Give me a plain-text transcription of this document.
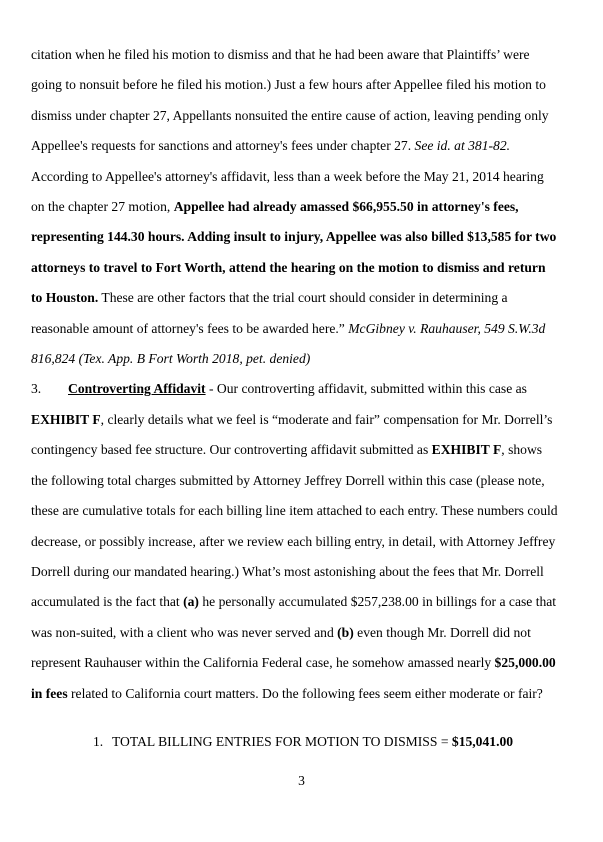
citation when he filed his motion to dismiss and that he had been aware that Plaintiffs’ were
going to nonsuit before he filed his motion.) Just a few hours after Appellee filed his motion to
dismiss under chapter 27, Appellants nonsuited the entire cause of action, leaving pending only
Appellee's requests for sanctions and attorney's fees under chapter 27. See id. at 381-82.
According to Appellee's attorney's affidavit, less than a week before the May 21, 2014 hearing
on the chapter 27 motion, Appellee had already amassed $66,955.50 in attorney's fees,
representing 144.30 hours. Adding insult to injury, Appellee was also billed $13,585 for two
attorneys to travel to Fort Worth, attend the hearing on the motion to dismiss and return
to Houston. These are other factors that the trial court should consider in determining a
reasonable amount of attorney's fees to be awarded here.” McGibney v. Rauhauser, 549 S.W.3d
816,824 (Tex. App. B Fort Worth 2018, pet. denied)
3. Controverting Affidavit - Our controverting affidavit, submitted within this case as
EXHIBIT F, clearly details what we feel is “moderate and fair” compensation for Mr. Dorrell’s
contingency based fee structure. Our controverting affidavit submitted as EXHIBIT F, shows
the following total charges submitted by Attorney Jeffrey Dorrell within this case (please note,
these are cumulative totals for each billing line item attached to each entry. These numbers could
decrease, or possibly increase, after we review each billing entry, in detail, with Attorney Jeffrey
Dorrell during our mandated hearing.) What’s most astonishing about the fees that Mr. Dorrell
accumulated is the fact that (a) he personally accumulated $257,238.00 in billings for a case that
was non-suited, with a client who was never served and (b) even though Mr. Dorrell did not
represent Rauhauser within the California Federal case, he somehow amassed nearly $25,000.00
in fees related to California court matters. Do the following fees seem either moderate or fair?
1. TOTAL BILLING ENTRIES FOR MOTION TO DISMISS = $15,041.00
3
